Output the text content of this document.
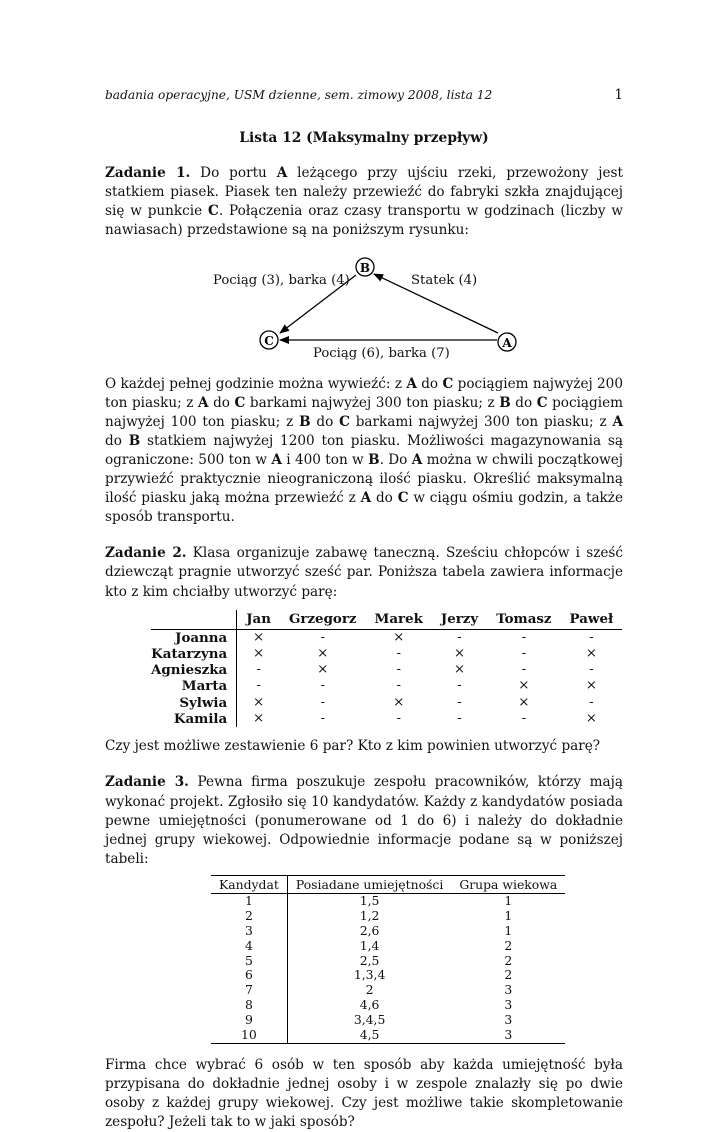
badania operacyjne, USM dzienne, sem. zimowy 2008, lista 12	1
Lista 12 (Maksymalny przepływ)

Zadanie 1. Do portu A leżącego przy ujściu rzeki, przewożony jest statkiem piasek. Piasek ten należy przewieźć do fabryki szkła znajdującej się w punkcie C. Połączenia oraz czasy transportu w godzinach (liczby w nawiasach) przedstawione są na poniższym rysunku:

B
C	A
Pociąg (3), barka (4)	Statek (4)
Pociąg (6), barka (7)

O każdej pełnej godzinie można wywieźć: z A do C pociągiem najwyżej 200 ton piasku; z A do C barkami najwyżej 300 ton piasku; z B do C pociągiem najwyżej 100 ton piasku; z B do C barkami najwyżej 300 ton piasku; z A do B statkiem najwyżej 1200 ton piasku. Możliwości magazynowania są ograniczone: 500 ton w A i 400 ton w B. Do A można w chwili początkowej przywieźć praktycznie nieograniczoną ilość piasku. Określić maksymalną ilość piasku jaką można przewieźć z A do C w ciągu ośmiu godzin, a także sposób transportu.

Zadanie 2. Klasa organizuje zabawę taneczną. Sześciu chłopców i sześć dziewcząt pragnie utworzyć sześć par. Poniższa tabela zawiera informacje kto z kim chciałby utworzyć parę:

	Jan	Grzegorz	Marek	Jerzy	Tomasz	Paweł
Joanna	×	-	×	-	-	-
Katarzyna	×	×	-	×	-	×
Agnieszka	-	×	-	×	-	-
Marta	-	-	-	-	×	×
Sylwia	×	-	×	-	×	-
Kamila	×	-	-	-	-	×

Czy jest możliwe zestawienie 6 par? Kto z kim powinien utworzyć parę?

Zadanie 3. Pewna firma poszukuje zespołu pracowników, którzy mają wykonać projekt. Zgłosiło się 10 kandydatów. Każdy z kandydatów posiada pewne umiejętności (ponumerowane od 1 do 6) i należy do dokładnie jednej grupy wiekowej. Odpowiednie informacje podane są w poniższej tabeli:

Kandydat	Posiadane umiejętności	Grupa wiekowa
1	1,5	1
2	1,2	1
3	2,6	1
4	1,4	2
5	2,5	2
6	1,3,4	2
7	2	3
8	4,6	3
9	3,4,5	3
10	4,5	3

Firma chce wybrać 6 osób w ten sposób aby każda umiejętność była przypisana do dokładnie jednej osoby i w zespole znalazły się po dwie osoby z każdej grupy wiekowej. Czy jest możliwe takie skompletowanie zespołu? Jeżeli tak to w jaki sposób?
